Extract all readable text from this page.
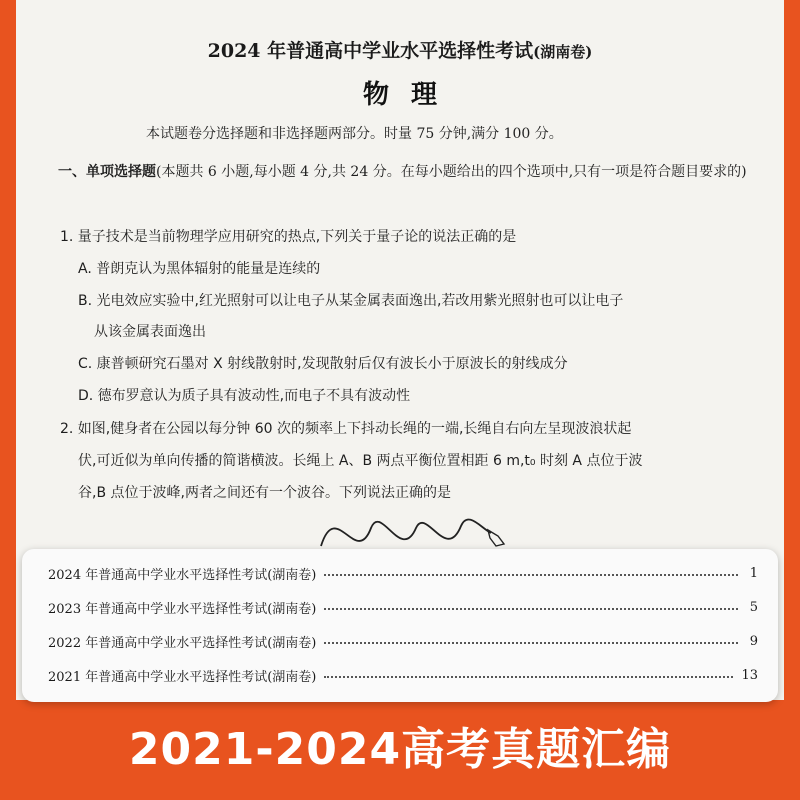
2024 年普通高中学业水平选择性考试(湖南卷)
物理
本试题卷分选择题和非选择题两部分。时量 75 分钟,满分 100 分。
一、单项选择题(本题共 6 小题,每小题 4 分,共 24 分。在每小题给出的四个选项中,只有一项是符合题目要求的)
1. 量子技术是当前物理学应用研究的热点,下列关于量子论的说法正确的是
A. 普朗克认为黑体辐射的能量是连续的
B. 光电效应实验中,红光照射可以让电子从某金属表面逸出,若改用紫光照射也可以让电子
从该金属表面逸出
C. 康普顿研究石墨对 X 射线散射时,发现散射后仅有波长小于原波长的射线成分
D. 德布罗意认为质子具有波动性,而电子不具有波动性
2. 如图,健身者在公园以每分钟 60 次的频率上下抖动长绳的一端,长绳自右向左呈现波浪状起
伏,可近似为单向传播的简谐横波。长绳上 A、B 两点平衡位置相距 6 m,t₀ 时刻 A 点位于波
谷,B 点位于波峰,两者之间还有一个波谷。下列说法正确的是
2024 年普通高中学业水平选择性考试(湖南卷)	1
2023 年普通高中学业水平选择性考试(湖南卷)	5
2022 年普通高中学业水平选择性考试(湖南卷)	9
2021 年普通高中学业水平选择性考试(湖南卷)	13
2021-2024高考真题汇编
